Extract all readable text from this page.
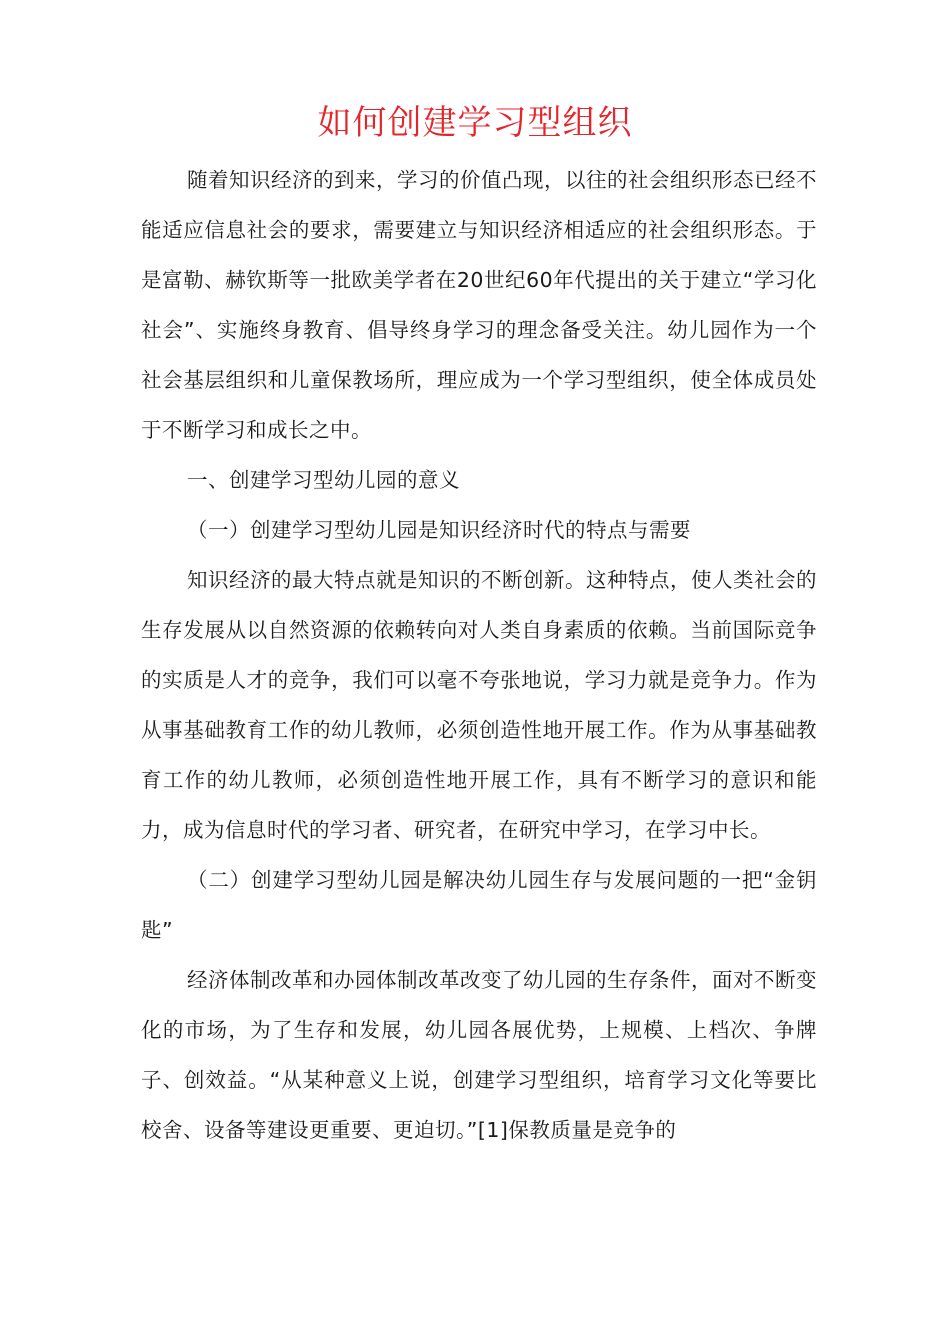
如何创建学习型组织

随着知识经济的到来，学习的价值凸现，以往的社会组织形态已经不能适应信息社会的要求，需要建立与知识经济相适应的社会组织形态。于是富勒、赫钦斯等一批欧美学者在20世纪60年代提出的关于建立“学习化社会”、实施终身教育、倡导终身学习的理念备受关注。幼儿园作为一个社会基层组织和儿童保教场所，理应成为一个学习型组织，使全体成员处于不断学习和成长之中。

一、创建学习型幼儿园的意义

（一）创建学习型幼儿园是知识经济时代的特点与需要

知识经济的最大特点就是知识的不断创新。这种特点，使人类社会的生存发展从以自然资源的依赖转向对人类自身素质的依赖。当前国际竞争的实质是人才的竞争，我们可以毫不夸张地说，学习力就是竞争力。作为从事基础教育工作的幼儿教师，必须创造性地开展工作。作为从事基础教育工作的幼儿教师，必须创造性地开展工作，具有不断学习的意识和能力，成为信息时代的学习者、研究者，在研究中学习，在学习中长。

（二）创建学习型幼儿园是解决幼儿园生存与发展问题的一把“金钥匙”

经济体制改革和办园体制改革改变了幼儿园的生存条件，面对不断变化的市场，为了生存和发展，幼儿园各展优势，上规模、上档次、争牌子、创效益。“从某种意义上说，创建学习型组织，培育学习文化等要比校舍、设备等建设更重要、更迫切。”[1]保教质量是竞争的
